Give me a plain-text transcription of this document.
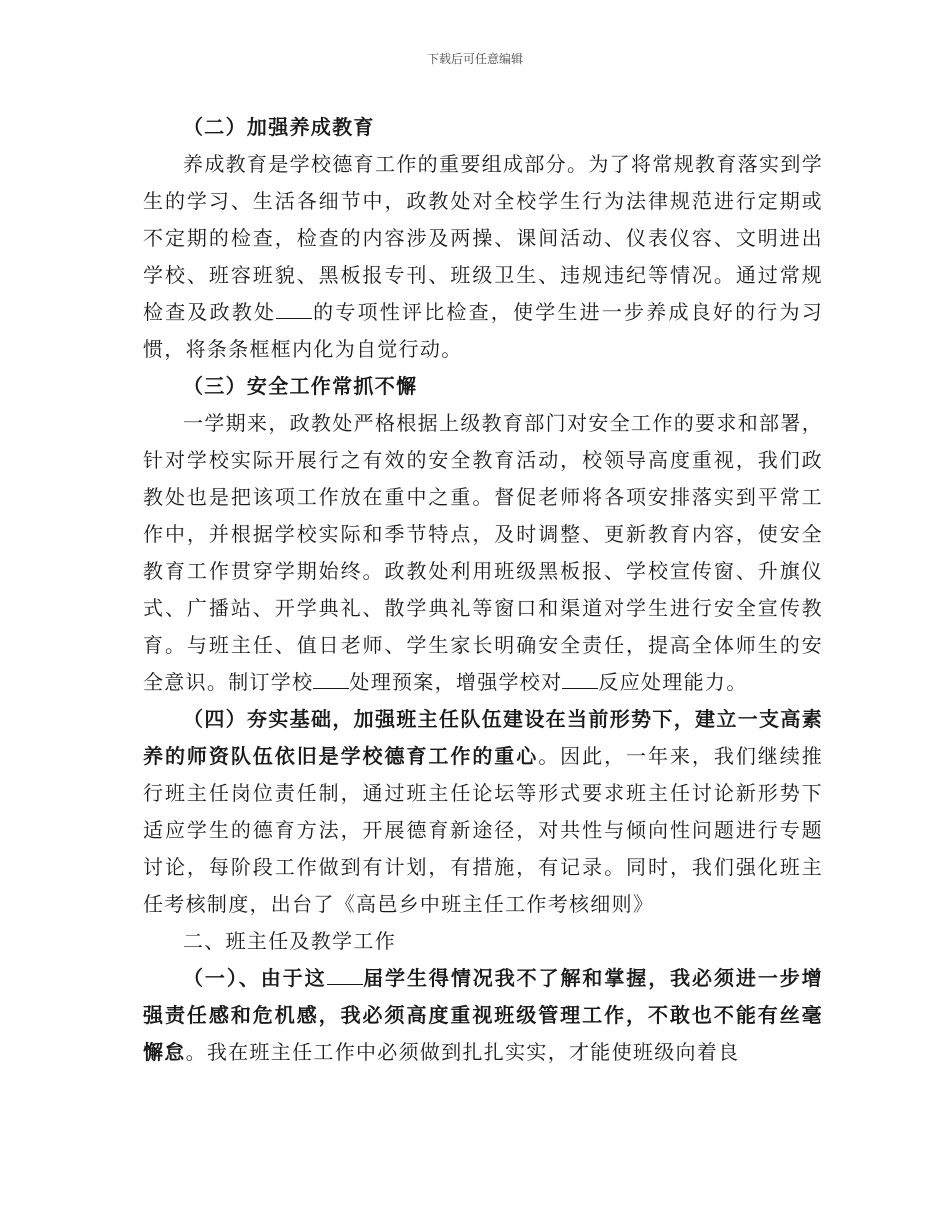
下载后可任意编辑

（二）加强养成教育

养成教育是学校德育工作的重要组成部分。为了将常规教育落实到学生的学习、生活各细节中，政教处对全校学生行为法律规范进行定期或不定期的检查，检查的内容涉及两操、课间活动、仪表仪容、文明进出学校、班容班貌、黑板报专刊、班级卫生、违规违纪等情况。通过常规检查及政教处 的专项性评比检查，使学生进一步养成良好的行为习惯，将条条框框内化为自觉行动。

（三）安全工作常抓不懈

一学期来，政教处严格根据上级教育部门对安全工作的要求和部署，针对学校实际开展行之有效的安全教育活动，校领导高度重视，我们政教处也是把该项工作放在重中之重。督促老师将各项安排落实到平常工作中，并根据学校实际和季节特点，及时调整、更新教育内容，使安全教育工作贯穿学期始终。政教处利用班级黑板报、学校宣传窗、升旗仪式、广播站、开学典礼、散学典礼等窗口和渠道对学生进行安全宣传教育。与班主任、值日老师、学生家长明确安全责任，提高全体师生的安全意识。制订学校 处理预案，增强学校对 反应处理能力。

（四）夯实基础，加强班主任队伍建设在当前形势下，建立一支高素养的师资队伍依旧是学校德育工作的重心。因此，一年来，我们继续推行班主任岗位责任制，通过班主任论坛等形式要求班主任讨论新形势下适应学生的德育方法，开展德育新途径，对共性与倾向性问题进行专题讨论，每阶段工作做到有计划，有措施，有记录。同时，我们强化班主任考核制度，出台了《高邑乡中班主任工作考核细则》

二、班主任及教学工作

（一）、由于这 届学生得情况我不了解和掌握，我必须进一步增强责任感和危机感，我必须高度重视班级管理工作，不敢也不能有丝毫懈怠。我在班主任工作中必须做到扎扎实实，才能使班级向着良
